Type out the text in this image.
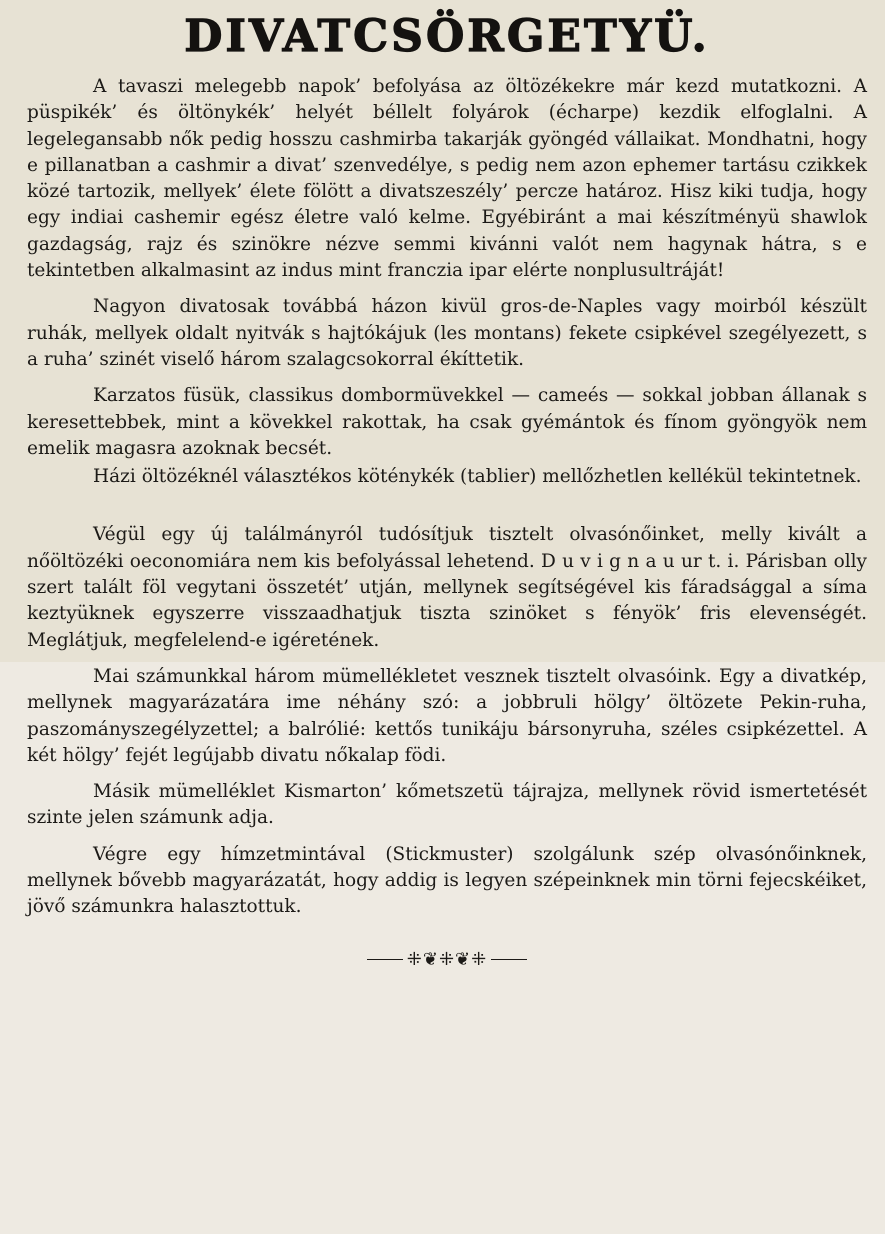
DIVATCSÖRGETYÜ.

A tavaszi melegebb napok’ befolyása az öltözékekre már kezd mutatkozni. A püspikék’ és öltönykék’ helyét béllelt folyárok (écharpe) kezdik elfoglalni. A legelegansabb nők pedig hosszu cashmirba takarják gyöngéd vállaikat. Mondhatni, hogy e pillanatban a cashmir a divat’ szenvedélye, s pedig nem azon ephemer tartásu czikkek közé tartozik, mellyek’ élete fölött a divatszeszély’ percze határoz. Hisz kiki tudja, hogy egy indiai cashemir egész életre való kelme. Egyébiránt a mai készítményü shawlok gazdagság, rajz és szinökre nézve semmi kivánni valót nem hagynak hátra, s e tekintetben alkalmasint az indus mint franczia ipar elérte nonplusultráját!

Nagyon divatosak továbbá házon kivül gros-de-Naples vagy moirból készült ruhák, mellyek oldalt nyitvák s hajtókájuk (les montans) fekete csipkével szegélyezett, s a ruha’ szinét viselő három szalagcsokorral ékíttetik.

Karzatos füsük, classikus dombormüvekkel — cameés — sokkal jobban állanak s keresettebbek, mint a kövekkel rakottak, ha csak gyémántok és fínom gyöngyök nem emelik magasra azoknak becsét.

Házi öltözéknél választékos köténykék (tablier) mellőzhetlen kellékül tekintetnek.

Végül egy új találmányról tudósítjuk tisztelt olvasónőinket, melly kivált a nőöltözéki oeconomiára nem kis befolyással lehetend. D u v i g n a u ur t. i. Párisban olly szert talált föl vegytani összetét’ utján, mellynek segítségével kis fáradsággal a síma keztyüknek egyszerre visszaadhatjuk tiszta szinöket s fényök’ fris elevenségét. Meglátjuk, megfelelend-e igéretének.

Mai számunkkal három mümellékletet vesznek tisztelt olvasóink. Egy a divatkép, mellynek magyarázatára ime néhány szó: a jobbruli hölgy’ öltözete Pekin-ruha, paszományszegélyzettel; a balrólié: kettős tunikáju bársonyruha, széles csipkézettel. A két hölgy’ fejét legújabb divatu nőkalap födi.

Másik mümelléklet Kismarton’ kőmetszetü tájrajza, mellynek rövid ismertetését szinte jelen számunk adja.

Végre egy hímzetmintával (Stickmuster) szolgálunk szép olvasónőinknek, mellynek bővebb magyarázatát, hogy addig is legyen szépeinknek min törni fejecskéiket, jövő számunkra halasztottuk.

⁜❦⁜❦⁜
